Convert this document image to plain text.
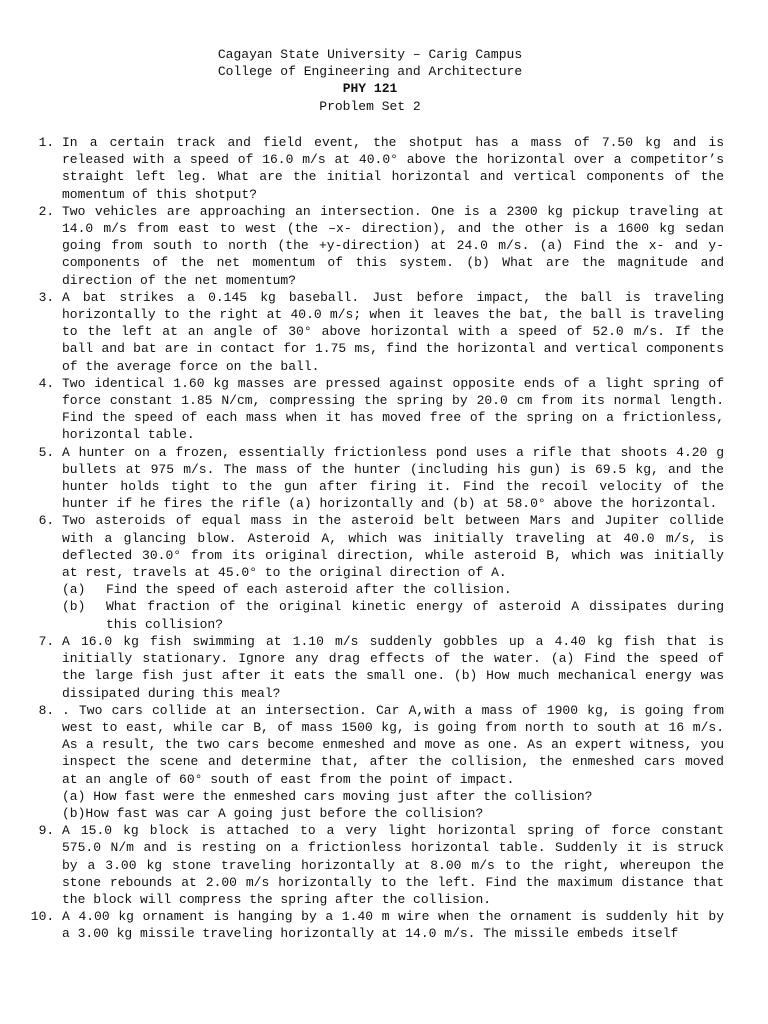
Cagayan State University – Carig Campus
College of Engineering and Architecture
PHY 121
Problem Set 2
1. In a certain track and field event, the shotput has a mass of 7.50 kg and is released with a speed of 16.0 m/s at 40.0° above the horizontal over a competitor’s straight left leg. What are the initial horizontal and vertical components of the momentum of this shotput?
2. Two vehicles are approaching an intersection. One is a 2300 kg pickup traveling at 14.0 m/s from east to west (the –x- direction), and the other is a 1600 kg sedan going from south to north (the +y-direction) at 24.0 m/s. (a) Find the x- and y-components of the net momentum of this system. (b) What are the magnitude and direction of the net momentum?
3. A bat strikes a 0.145 kg baseball. Just before impact, the ball is traveling horizontally to the right at 40.0 m/s; when it leaves the bat, the ball is traveling to the left at an angle of 30° above horizontal with a speed of 52.0 m/s. If the ball and bat are in contact for 1.75 ms, find the horizontal and vertical components of the average force on the ball.
4. Two identical 1.60 kg masses are pressed against opposite ends of a light spring of force constant 1.85 N/cm, compressing the spring by 20.0 cm from its normal length. Find the speed of each mass when it has moved free of the spring on a frictionless, horizontal table.
5. A hunter on a frozen, essentially frictionless pond uses a rifle that shoots 4.20 g bullets at 975 m/s. The mass of the hunter (including his gun) is 69.5 kg, and the hunter holds tight to the gun after firing it. Find the recoil velocity of the hunter if he fires the rifle (a) horizontally and (b) at 58.0° above the horizontal.
6. Two asteroids of equal mass in the asteroid belt between Mars and Jupiter collide with a glancing blow. Asteroid A, which was initially traveling at 40.0 m/s, is deflected 30.0° from its original direction, while asteroid B, which was initially at rest, travels at 45.0° to the original direction of A.
(a)	Find the speed of each asteroid after the collision.
(b)	What fraction of the original kinetic energy of asteroid A dissipates during this collision?
7. A 16.0 kg fish swimming at 1.10 m/s suddenly gobbles up a 4.40 kg fish that is initially stationary. Ignore any drag effects of the water. (a) Find the speed of the large fish just after it eats the small one. (b) How much mechanical energy was dissipated during this meal?
8. . Two cars collide at an intersection. Car A,with a mass of 1900 kg, is going from west to east, while car B, of mass 1500 kg, is going from north to south at 16 m/s. As a result, the two cars become enmeshed and move as one. As an expert witness, you inspect the scene and determine that, after the collision, the enmeshed cars moved at an angle of 60° south of east from the point of impact.
(a) How fast were the enmeshed cars moving just after the collision?
(b)How fast was car A going just before the collision?
9. A 15.0 kg block is attached to a very light horizontal spring of force constant 575.0 N/m and is resting on a frictionless horizontal table. Suddenly it is struck by a 3.00 kg stone traveling horizontally at 8.00 m/s to the right, whereupon the stone rebounds at 2.00 m/s horizontally to the left. Find the maximum distance that the block will compress the spring after the collision.
10. A 4.00 kg ornament is hanging by a 1.40 m wire when the ornament is suddenly hit by a 3.00 kg missile traveling horizontally at 14.0 m/s. The missile embeds itself
